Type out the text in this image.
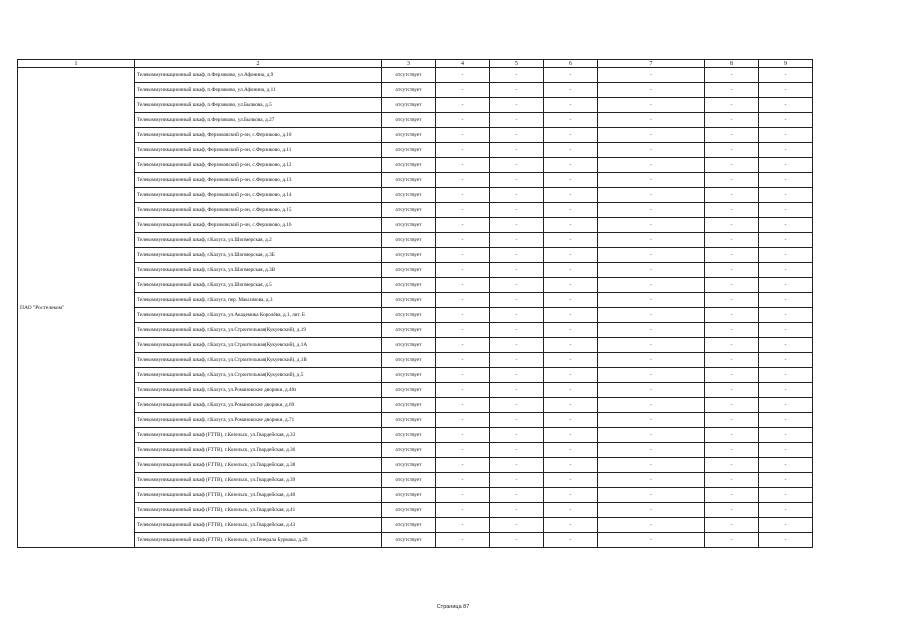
1	2	3	4	5	6	7	8	9
ПАО "Ростелеком"	Телекоммуникационный шкаф, п.Ферзиково, ул.Афонина, д.9	отсутствует	-	-	-	-	-	-
	Телекоммуникационный шкаф, п.Ферзиково, ул.Афонина, д.11	отсутствует	-	-	-	-	-	-
	Телекоммуникационный шкаф, п.Ферзиково, ул.Бычкова, д.5	отсутствует	-	-	-	-	-	-
	Телекоммуникационный шкаф, п.Ферзиково, ул.Бычкова, д.27	отсутствует	-	-	-	-	-	-
	Телекоммуникационный шкаф, Ферзиковский р-он, с.Ферзиково, д.10	отсутствует	-	-	-	-	-	-
	Телекоммуникационный шкаф, Ферзиковский р-он, с.Ферзиково, д.11	отсутствует	-	-	-	-	-	-
	Телекоммуникационный шкаф, Ферзиковский р-он, с.Ферзиково, д.12	отсутствует	-	-	-	-	-	-
	Телекоммуникационный шкаф, Ферзиковский р-он, с.Ферзиково, д.13	отсутствует	-	-	-	-	-	-
	Телекоммуникационный шкаф, Ферзиковский р-он, с.Ферзиково, д.14	отсутствует	-	-	-	-	-	-
	Телекоммуникационный шкаф, Ферзиковский р-он, с.Ферзиково, д.15	отсутствует	-	-	-	-	-	-
	Телекоммуникационный шкаф, Ферзиковский р-он, с.Ферзиково, д.16	отсутствует	-	-	-	-	-	-
	Телекоммуникационный шкаф, г.Калуга, ул.Шопмерская, д.2	отсутствует	-	-	-	-	-	-
	Телекоммуникационный шкаф, г.Калуга, ул.Шопмерская, д.3Б	отсутствует	-	-	-	-	-	-
	Телекоммуникационный шкаф, г.Калуга, ул.Шопмерская, д.3В	отсутствует	-	-	-	-	-	-
	Телекоммуникационный шкаф, г.Калуга, ул.Шопмерская, д.5	отсутствует	-	-	-	-	-	-
	Телекоммуникационный шкаф, г.Калуга, пер. Максимова, д.3	отсутствует	-	-	-	-	-	-
	Телекоммуникационный шкаф, г.Калуга, ул.Академика Королёва, д.1, лит. Б	отсутствует	-	-	-	-	-	-
	Телекоммуникационный шкаф, г.Калуга, ул.Строительная(Кукуевский), д.19	отсутствует	-	-	-	-	-	-
	Телекоммуникационный шкаф, г.Калуга, ул.Строительная(Кукуевский), д.1А	отсутствует	-	-	-	-	-	-
	Телекоммуникационный шкаф, г.Калуга, ул.Строительная(Кукуевский), д.1В	отсутствует	-	-	-	-	-	-
	Телекоммуникационный шкаф, г.Калуга, ул.Строительная(Кукуевский), д.5	отсутствует	-	-	-	-	-	-
	Телекоммуникационный шкаф, г.Калуга, ул.Романовские дворики, д.40з	отсутствует	-	-	-	-	-	-
	Телекоммуникационный шкаф, г.Калуга, ул.Романовские дворики, д.69	отсутствует	-	-	-	-	-	-
	Телекоммуникационный шкаф, г.Калуга, ул.Романовские дворики, д.71	отсутствует	-	-	-	-	-	-
	Телекоммуникационный шкаф (FTTB), г.Козельск, ул.Гвардейская, д.33	отсутствует	-	-	-	-	-	-
	Телекоммуникационный шкаф (FTTB), г.Козельск, ул.Гвардейская, д.36	отсутствует	-	-	-	-	-	-
	Телекоммуникационный шкаф (FTTB), г.Козельск, ул.Гвардейская, д.38	отсутствует	-	-	-	-	-	-
	Телекоммуникационный шкаф (FTTB), г.Козельск, ул.Гвардейская, д.39	отсутствует	-	-	-	-	-	-
	Телекоммуникационный шкаф (FTTB), г.Козельск, ул.Гвардейская, д.40	отсутствует	-	-	-	-	-	-
	Телекоммуникационный шкаф (FTTB), г.Козельск, ул.Гвардейская, д.41	отсутствует	-	-	-	-	-	-
	Телекоммуникационный шкаф (FTTB), г.Козельск, ул.Гвардейская, д.43	отсутствует	-	-	-	-	-	-
	Телекоммуникационный шкаф (FTTB), г.Козельск, ул.Генерала Бурмака, д.20	отсутствует	-	-	-	-	-	-
Страница 87
